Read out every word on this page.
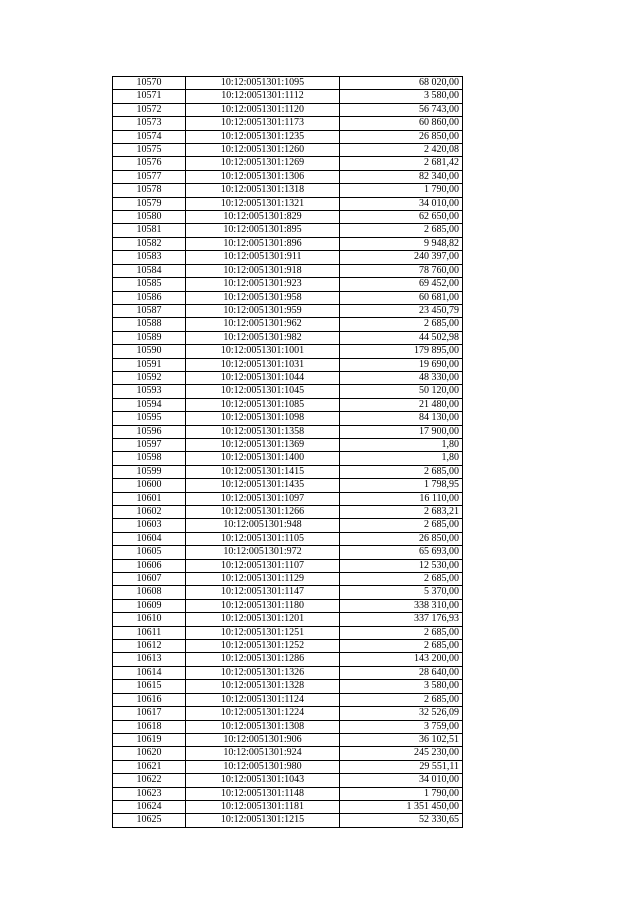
10570	10:12:0051301:1095	68 020,00
10571	10:12:0051301:1112	3 580,00
10572	10:12:0051301:1120	56 743,00
10573	10:12:0051301:1173	60 860,00
10574	10:12:0051301:1235	26 850,00
10575	10:12:0051301:1260	2 420,08
10576	10:12:0051301:1269	2 681,42
10577	10:12:0051301:1306	82 340,00
10578	10:12:0051301:1318	1 790,00
10579	10:12:0051301:1321	34 010,00
10580	10:12:0051301:829	62 650,00
10581	10:12:0051301:895	2 685,00
10582	10:12:0051301:896	9 948,82
10583	10:12:0051301:911	240 397,00
10584	10:12:0051301:918	78 760,00
10585	10:12:0051301:923	69 452,00
10586	10:12:0051301:958	60 681,00
10587	10:12:0051301:959	23 450,79
10588	10:12:0051301:962	2 685,00
10589	10:12:0051301:982	44 502,98
10590	10:12:0051301:1001	179 895,00
10591	10:12:0051301:1031	19 690,00
10592	10:12:0051301:1044	48 330,00
10593	10:12:0051301:1045	50 120,00
10594	10:12:0051301:1085	21 480,00
10595	10:12:0051301:1098	84 130,00
10596	10:12:0051301:1358	17 900,00
10597	10:12:0051301:1369	1,80
10598	10:12:0051301:1400	1,80
10599	10:12:0051301:1415	2 685,00
10600	10:12:0051301:1435	1 798,95
10601	10:12:0051301:1097	16 110,00
10602	10:12:0051301:1266	2 683,21
10603	10:12:0051301:948	2 685,00
10604	10:12:0051301:1105	26 850,00
10605	10:12:0051301:972	65 693,00
10606	10:12:0051301:1107	12 530,00
10607	10:12:0051301:1129	2 685,00
10608	10:12:0051301:1147	5 370,00
10609	10:12:0051301:1180	338 310,00
10610	10:12:0051301:1201	337 176,93
10611	10:12:0051301:1251	2 685,00
10612	10:12:0051301:1252	2 685,00
10613	10:12:0051301:1286	143 200,00
10614	10:12:0051301:1326	28 640,00
10615	10:12:0051301:1328	3 580,00
10616	10:12:0051301:1124	2 685,00
10617	10:12:0051301:1224	32 526,09
10618	10:12:0051301:1308	3 759,00
10619	10:12:0051301:906	36 102,51
10620	10:12:0051301:924	245 230,00
10621	10:12:0051301:980	29 551,11
10622	10:12:0051301:1043	34 010,00
10623	10:12:0051301:1148	1 790,00
10624	10:12:0051301:1181	1 351 450,00
10625	10:12:0051301:1215	52 330,65
